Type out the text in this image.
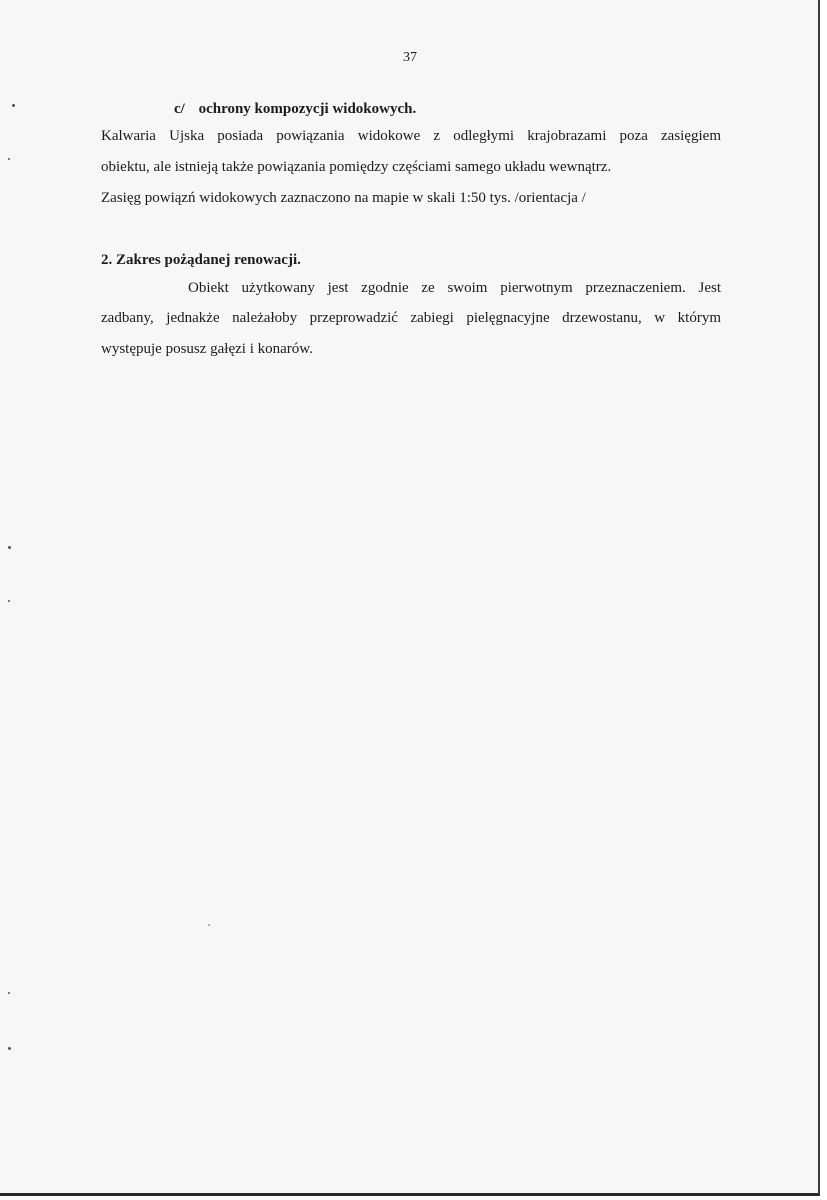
37
c/ ochrony kompozycji widokowych.
Kalwaria Ujska posiada powiązania widokowe z odległymi krajobrazami poza zasięgiem
obiektu, ale istnieją także powiązania pomiędzy częściami samego układu wewnątrz.
Zasięg powiązń widokowych zaznaczono na mapie w skali 1:50 tys. /orientacja /
2. Zakres pożądanej renowacji.
Obiekt użytkowany jest zgodnie ze swoim pierwotnym przeznaczeniem. Jest
zadbany, jednakże należałoby przeprowadzić zabiegi pielęgnacyjne drzewostanu, w którym
występuje posusz gałęzi i konarów.
